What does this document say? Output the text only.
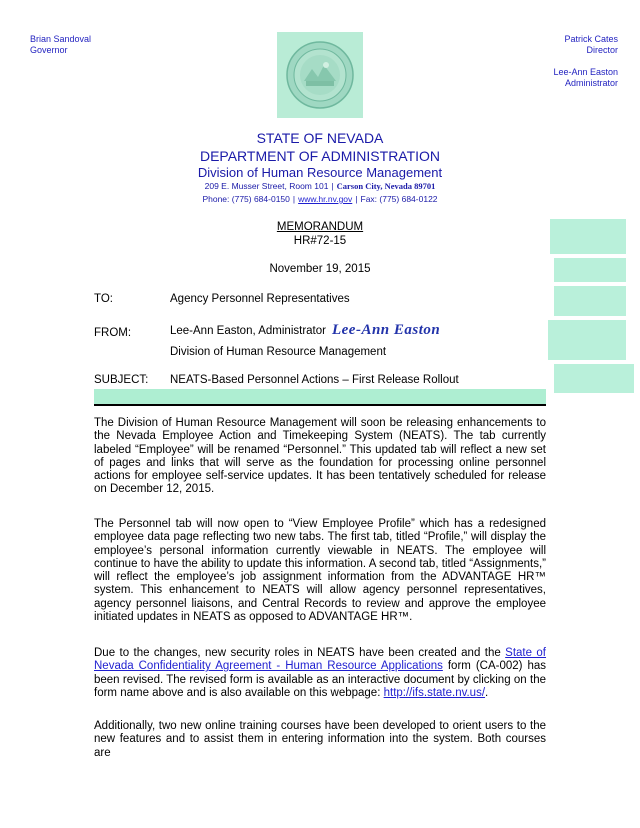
Brian Sandoval
Governor
Patrick Cates
Director
Lee-Ann Easton
Administrator
STATE OF NEVADA
DEPARTMENT OF ADMINISTRATION
Division of Human Resource Management
209 E. Musser Street, Room 101 | Carson City, Nevada 89701
Phone: (775) 684-0150 | www.hr.nv.gov | Fax: (775) 684-0122
MEMORANDUM
HR#72-15
November 19, 2015
TO:	Agency Personnel Representatives
FROM:	Lee-Ann Easton, Administrator Lee-Ann Easton
Division of Human Resource Management
SUBJECT: NEATS-Based Personnel Actions – First Release Rollout
The Division of Human Resource Management will soon be releasing enhancements to the Nevada Employee Action and Timekeeping System (NEATS). The tab currently labeled “Employee” will be renamed “Personnel.” This updated tab will reflect a new set of pages and links that will serve as the foundation for processing online personnel actions for employee self-service updates. It has been tentatively scheduled for release on December 12, 2015.
The Personnel tab will now open to “View Employee Profile” which has a redesigned employee data page reflecting two new tabs. The first tab, titled “Profile,” will display the employee’s personal information currently viewable in NEATS. The employee will continue to have the ability to update this information. A second tab, titled “Assignments,” will reflect the employee’s job assignment information from the ADVANTAGE HR™ system. This enhancement to NEATS will allow agency personnel representatives, agency personnel liaisons, and Central Records to review and approve the employee initiated updates in NEATS as opposed to ADVANTAGE HR™.
Due to the changes, new security roles in NEATS have been created and the State of Nevada Confidentiality Agreement - Human Resource Applications form (CA-002) has been revised. The revised form is available as an interactive document by clicking on the form name above and is also available on this webpage: http://ifs.state.nv.us/.
Additionally, two new online training courses have been developed to orient users to the new features and to assist them in entering information into the system. Both courses are
